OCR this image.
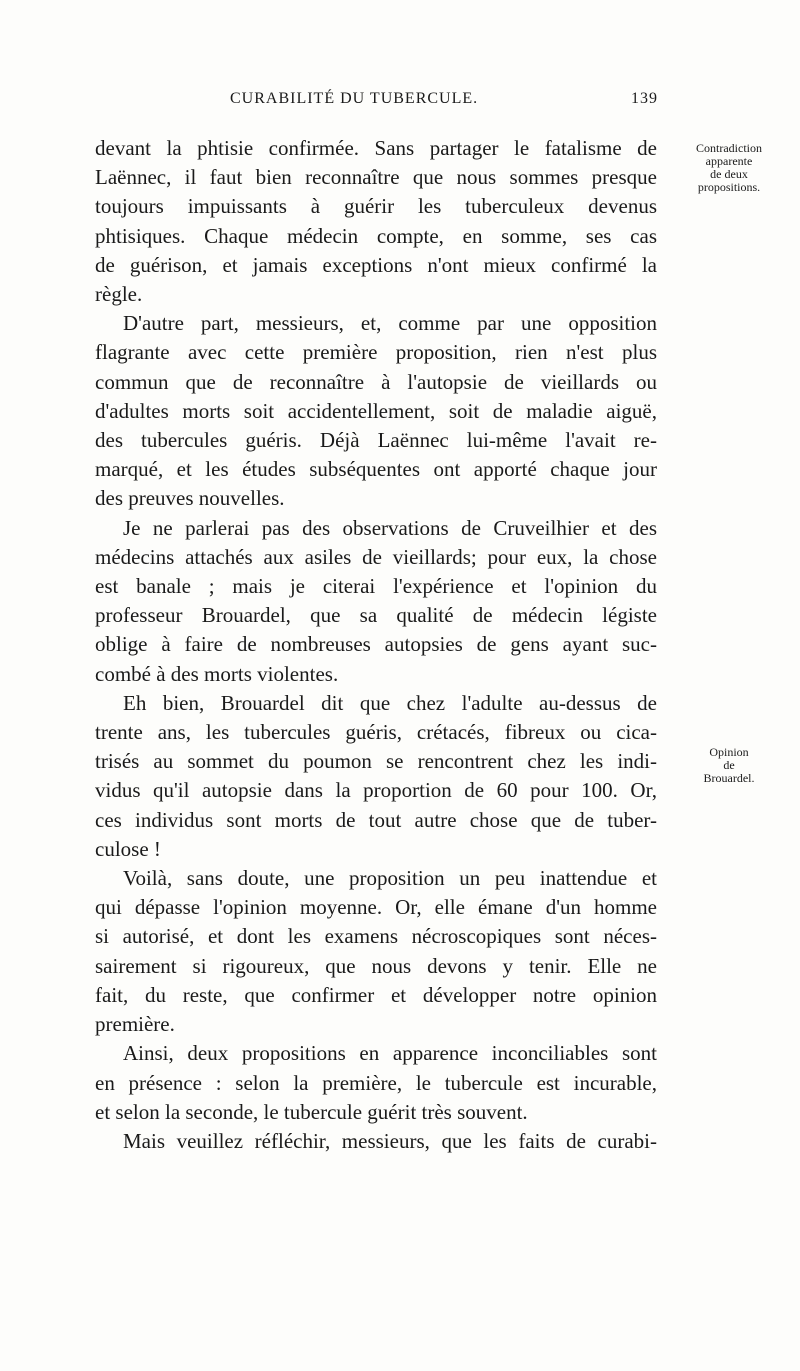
CURABILITÉ DU TUBERCULE.	139
devant la phtisie confirmée. Sans partager le fatalisme de
Laënnec, il faut bien reconnaître que nous sommes presque
toujours impuissants à guérir les tuberculeux devenus
phtisiques. Chaque médecin compte, en somme, ses cas
de guérison, et jamais exceptions n'ont mieux confirmé la
règle.
D'autre part, messieurs, et, comme par une opposition
flagrante avec cette première proposition, rien n'est plus
commun que de reconnaître à l'autopsie de vieillards ou
d'adultes morts soit accidentellement, soit de maladie aiguë,
des tubercules guéris. Déjà Laënnec lui-même l'avait re-
marqué, et les études subséquentes ont apporté chaque jour
des preuves nouvelles.
Je ne parlerai pas des observations de Cruveilhier et des
médecins attachés aux asiles de vieillards; pour eux, la chose
est banale ; mais je citerai l'expérience et l'opinion du
professeur Brouardel, que sa qualité de médecin légiste
oblige à faire de nombreuses autopsies de gens ayant suc-
combé à des morts violentes.
Eh bien, Brouardel dit que chez l'adulte au-dessus de
trente ans, les tubercules guéris, crétacés, fibreux ou cica-
trisés au sommet du poumon se rencontrent chez les indi-
vidus qu'il autopsie dans la proportion de 60 pour 100. Or,
ces individus sont morts de tout autre chose que de tuber-
culose !
Voilà, sans doute, une proposition un peu inattendue et
qui dépasse l'opinion moyenne. Or, elle émane d'un homme
si autorisé, et dont les examens nécroscopiques sont néces-
sairement si rigoureux, que nous devons y tenir. Elle ne
fait, du reste, que confirmer et développer notre opinion
première.
Ainsi, deux propositions en apparence inconciliables sont
en présence : selon la première, le tubercule est incurable,
et selon la seconde, le tubercule guérit très souvent.
Mais veuillez réfléchir, messieurs, que les faits de curabi-
Contradiction
apparente
de deux
propositions.
Opinion
de
Brouardel.
